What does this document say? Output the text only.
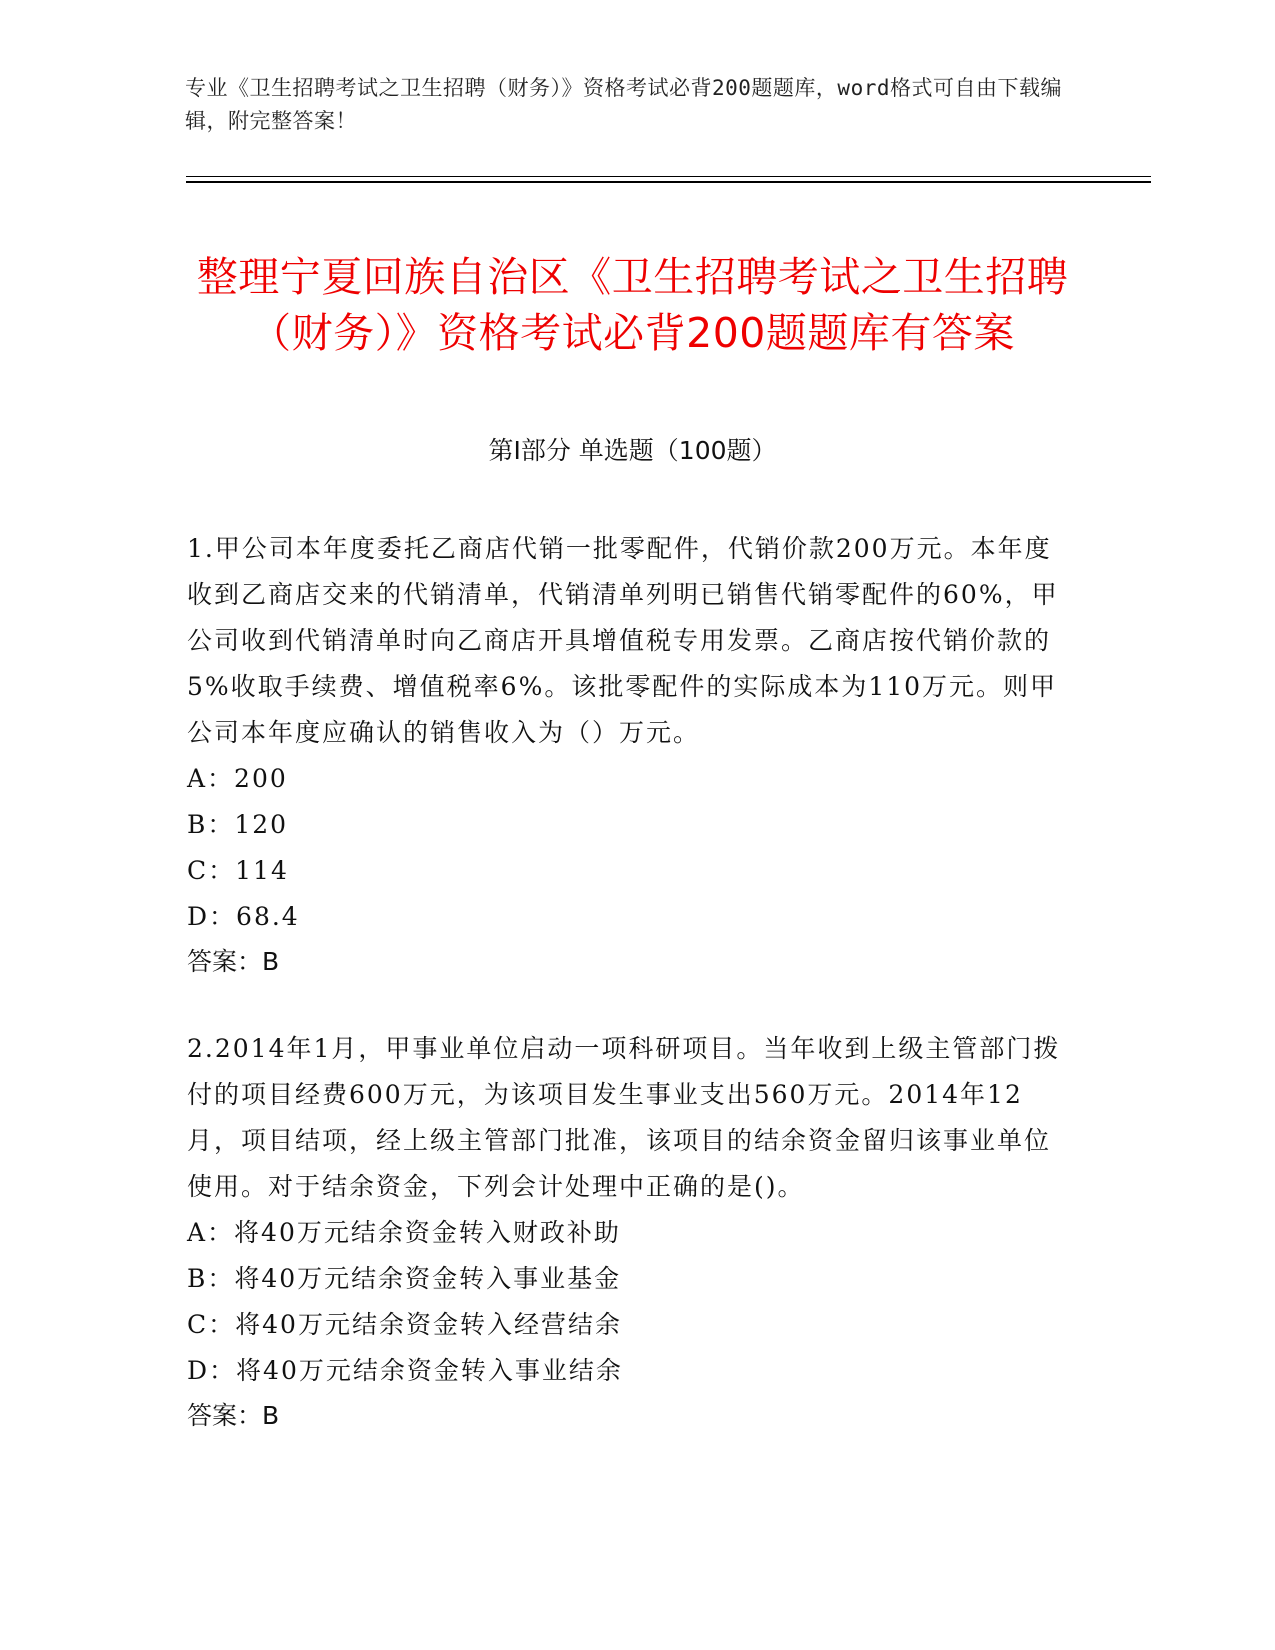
专业《卫生招聘考试之卫生招聘（财务）》资格考试必背200题题库，word格式可自由下载编辑，附完整答案！
整理宁夏回族自治区《卫生招聘考试之卫生招聘（财务）》资格考试必背200题题库有答案
第I部分 单选题（100题）

1.甲公司本年度委托乙商店代销一批零配件，代销价款200万元。本年度收到乙商店交来的代销清单，代销清单列明已销售代销零配件的60%，甲公司收到代销清单时向乙商店开具增值税专用发票。乙商店按代销价款的5%收取手续费、增值税率6%。该批零配件的实际成本为110万元。则甲公司本年度应确认的销售收入为（）万元。

A：200

B：120

C：114

D：68.4

答案：B

2.2014年1月，甲事业单位启动一项科研项目。当年收到上级主管部门拨付的项目经费600万元，为该项目发生事业支出560万元。2014年12月，项目结项，经上级主管部门批准，该项目的结余资金留归该事业单位使用。对于结余资金，下列会计处理中正确的是()。

A：将40万元结余资金转入财政补助

B：将40万元结余资金转入事业基金

C：将40万元结余资金转入经营结余

D：将40万元结余资金转入事业结余

答案：B
